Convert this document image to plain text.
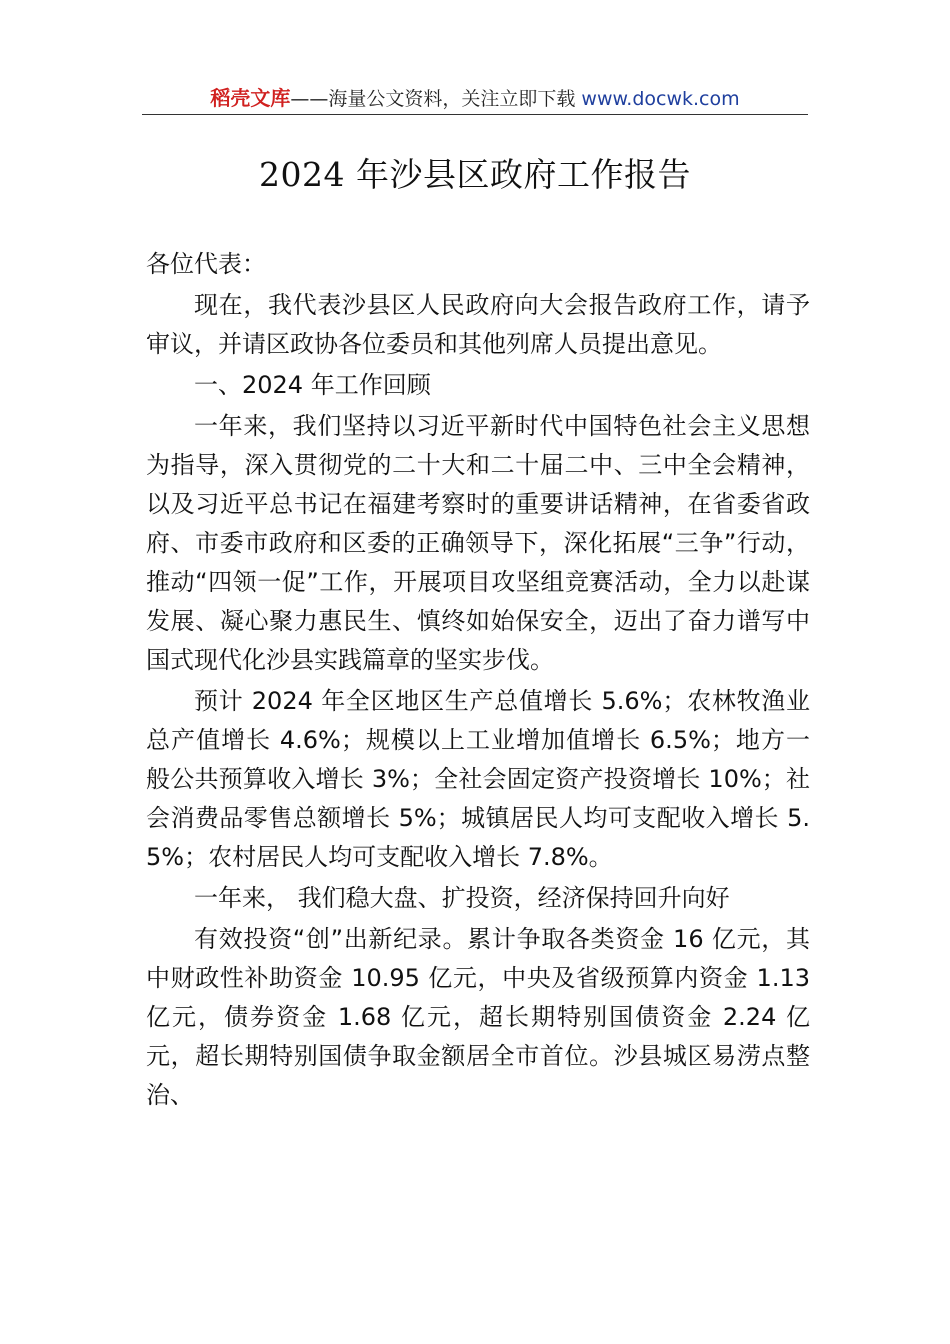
稻壳文库——海量公文资料，关注立即下载 www.docwk.com
2024 年沙县区政府工作报告

各位代表：

现在，我代表沙县区人民政府向大会报告政府工作，请予审议，并请区政协各位委员和其他列席人员提出意见。

一、2024 年工作回顾

一年来，我们坚持以习近平新时代中国特色社会主义思想为指导，深入贯彻党的二十大和二十届二中、三中全会精神，以及习近平总书记在福建考察时的重要讲话精神，在省委省政府、市委市政府和区委的正确领导下，深化拓展“三争”行动，推动“四领一促”工作，开展项目攻坚组竞赛活动，全力以赴谋发展、凝心聚力惠民生、慎终如始保安全，迈出了奋力谱写中国式现代化沙县实践篇章的坚实步伐。

预计 2024 年全区地区生产总值增长 5.6%；农林牧渔业总产值增长 4.6%；规模以上工业增加值增长 6.5%；地方一般公共预算收入增长 3%；全社会固定资产投资增长 10%；社会消费品零售总额增长 5%；城镇居民人均可支配收入增长 5.5%；农村居民人均可支配收入增长 7.8%。

一年来， 我们稳大盘、扩投资，经济保持回升向好

有效投资“创”出新纪录。累计争取各类资金 16 亿元，其中财政性补助资金 10.95 亿元，中央及省级预算内资金 1.13 亿元，债券资金 1.68 亿元，超长期特别国债资金 2.24 亿元，超长期特别国债争取金额居全市首位。沙县城区易涝点整治、
